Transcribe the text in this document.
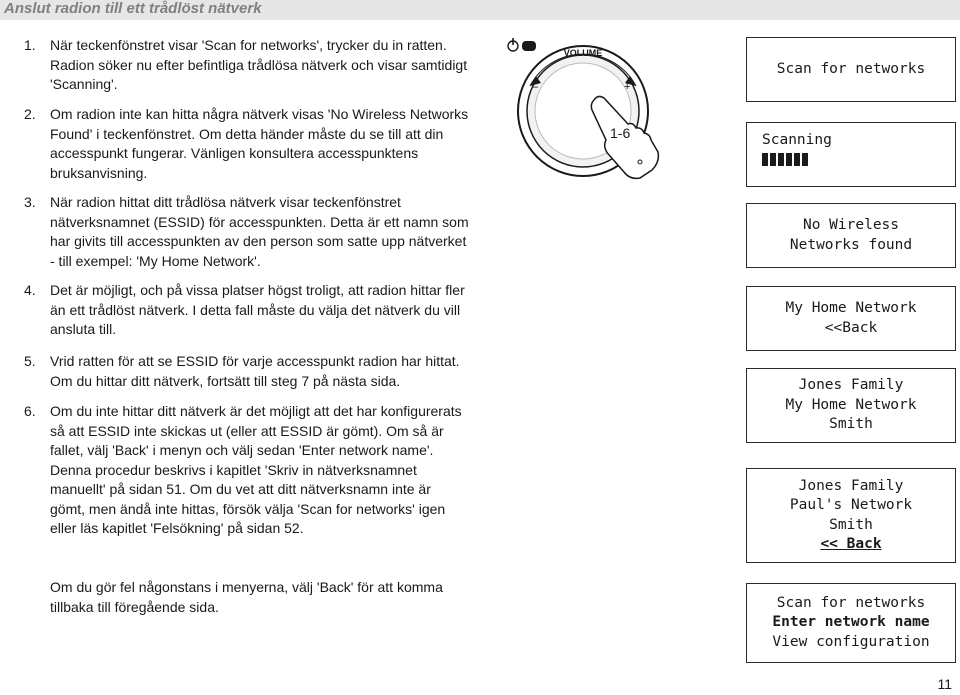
Anslut radion till ett trådlöst nätverk
1. När teckenfönstret visar 'Scan for networks', trycker du in ratten. Radion söker nu efter befintliga trådlösa nätverk och visar samtidigt 'Scanning'.
2. Om radion inte kan hitta några nätverk visas 'No Wireless Networks Found' i teckenfönstret. Om detta händer måste du se till att din accesspunkt fungerar. Vänligen konsultera accesspunktens bruksanvisning.
3. När radion hittat ditt trådlösa nätverk visar teckenfönstret nätverksnamnet (ESSID) för accesspunkten. Detta är ett namn som har givits till accesspunkten av den person som satte upp nätverket - till exempel: 'My Home Network'.
4. Det är möjligt, och på vissa platser högst troligt, att radion hittar fler än ett trådlöst nätverk. I detta fall måste du välja det nätverk du vill ansluta till.
5. Vrid ratten för att se ESSID för varje accesspunkt radion har hittat. Om du hittar ditt nätverk, fortsätt till steg 7 på nästa sida.
6. Om du inte hittar ditt nätverk är det möjligt att det har konfigurerats så att ESSID inte skickas ut (eller att ESSID är gömt). Om så är fallet, välj 'Back' i menyn och välj sedan 'Enter network name'. Denna procedur beskrivs i kapitlet 'Skriv in nätverksnamnet manuellt' på sidan 51. Om du vet att ditt nätverksnamn inte är gömt, men ändå inte hittas, försök välja 'Scan for networks' igen eller läs kapitlet 'Felsökning' på sidan 52.
Om du gör fel någonstans i menyerna, välj 'Back' för att komma tillbaka till föregående sida.
VOLUME
–	+
1-6
Scan for networks
Scanning
No Wireless
Networks found
My Home Network
<<Back
Jones Family
My Home Network
Smith
Jones Family
Paul's Network
Smith
<< Back
Scan for networks
Enter network name
View configuration
11
